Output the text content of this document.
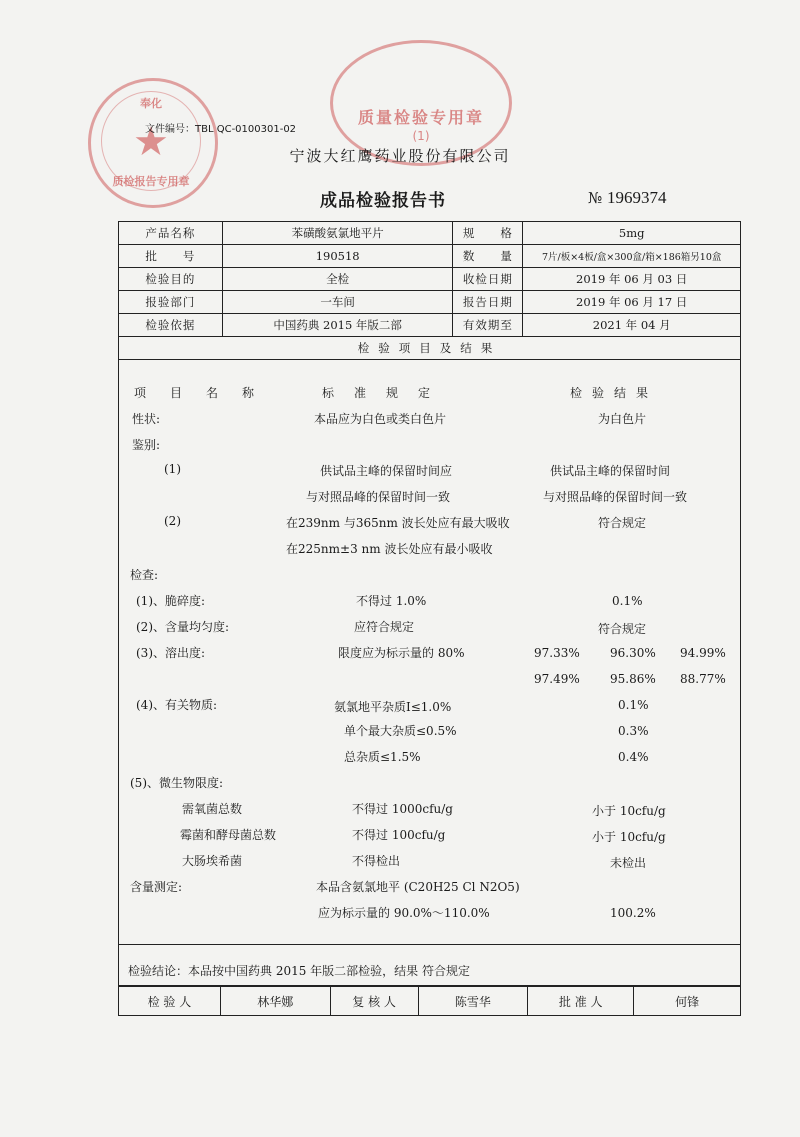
奉化
★
质检报告专用章
质量检验专用章
(1)
文件编号：TBL QC-0100301-02
宁波大红鹰药业股份有限公司
成品检验报告书	№ 1969374
产品名称	苯磺酸氨氯地平片	规　　格	5mg
批　　号	190518	数　　量	7片/板×4板/盒×300盒/箱×186箱另10盒
检验目的	全检	收检日期	2019 年 06 月 03 日
报验部门	一车间	报告日期	2019 年 06 月 17 日
检验依据	中国药典 2015 年版二部	有效期至	2021 年 04 月
检验项目及结果			
项目名称	标准规定	检验结果
性状:	本品应为白色或类白色片	为白色片
鉴别:
(1)	供试品主峰的保留时间应	供试品主峰的保留时间
与对照品峰的保留时间一致	与对照品峰的保留时间一致
(2)	在239nm 与365nm 波长处应有最大吸收	符合规定
在225nm±3 nm 波长处应有最小吸收
检查:
(1)、脆碎度:	不得过 1.0%	0.1%
(2)、含量均匀度:	应符合规定	符合规定
(3)、溶出度:	限度应为标示量的 80%	97.33%	96.30% 94.99%
97.49%	95.86% 88.77%
(4)、有关物质:	氨氯地平杂质Ⅰ≤1.0%	0.1%
单个最大杂质≤0.5%	0.3%
总杂质≤1.5%	0.4%
(5)、微生物限度:
需氧菌总数	不得过 1000cfu/g	小于 10cfu/g
霉菌和酵母菌总数	不得过 100cfu/g	小于 10cfu/g
大肠埃希菌	不得检出	未检出
含量测定:	本品含氨氯地平 (C20H25 Cl N2O5)
应为标示量的 90.0%～110.0%	100.2%
检验结论：本品按中国药典 2015 年版二部检验，结果 符合规定
检 验 人	林华娜	复 核 人	陈雪华	批 准 人	何锋
